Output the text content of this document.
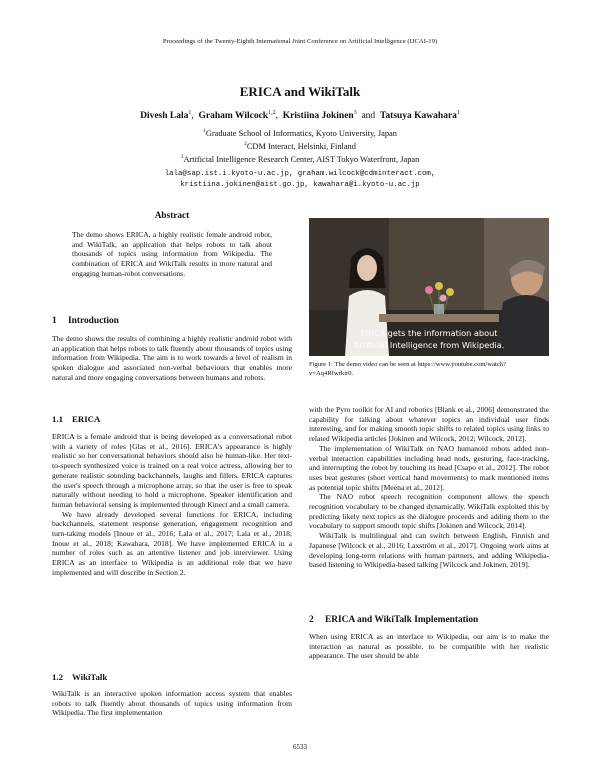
Proceedings of the Twenty-Eighth International Joint Conference on Artificial Intelligence (IJCAI-19)
ERICA and WikiTalk
Divesh Lala$^1$,  Graham Wilcock$^{1,2}$,  Kristiina Jokinen$^3$ and Tatsuya Kawahara$^1$
$^1$Graduate School of Informatics, Kyoto University, Japan
$^2$CDM Interact, Helsinki, Finland
$^3$Artificial Intelligence Research Center, AIST Tokyo Waterfront, Japan
lala@sap.ist.i.kyoto-u.ac.jp, graham.wilcock@cdminteract.com,
kristiina.jokinen@aist.go.jp, kawahara@i.kyoto-u.ac.jp
Abstract
The demo shows ERICA, a highly realistic female android robot, and WikiTalk, an application that helps robots to talk about thousands of topics using information from Wikipedia. The combination of ERICA and WikiTalk results in more natural and engaging human-robot conversations.
1 Introduction

The demo shows the results of combining a highly realistic android robot with an application that helps robots to talk fluently about thousands of topics using information from Wikipedia. The aim is to work towards a level of realism in spoken dialogue and associated non-verbal behaviours that enables more natural and more engaging conversations between humans and robots.

1.1 ERICA

ERICA is a female android that is being developed as a conversational robot with a variety of roles [Glas et al., 2016]. ERICA's appearance is highly realistic so her conversational behaviors should also be human-like. Her text-to-speech synthesized voice is trained on a real voice actress, allowing her to generate realistic sounding backchannels, laughs and fillers. ERICA captures the user's speech through a microphone array, so that the user is free to speak naturally without needing to hold a microphone. Speaker identification and human behavioral sensing is implemented through Kinect and a small camera.

We have already developed several functions for ERICA, including backchannels, statement response generation, engagement recognition and turn-taking models [Inoue et al., 2016; Lala et al., 2017; Lala et al., 2018; Inoue et al., 2018; Kawahara, 2018]. We have implemented ERICA in a number of roles such as an attentive listener and job interviewer. Using ERICA as an interface to Wikipedia is an additional role that we have implemented and will describe in Section 2.

1.2 WikiTalk

WikiTalk is an interactive spoken information access system that enables robots to talk fluently about thousands of topics using information from Wikipedia. The first implementation

ERICA gets the information about
Artificial Intelligence from Wikipedia.
Figure 1: The demo video can be seen at https://www.youtube.com/watch?v=Aq4Rfwrkir0.

with the Pyro toolkit for AI and robotics [Blank et al., 2006] demonstrated the capability for talking about whatever topics an individual user finds interesting, and for making smooth topic shifts to related topics using links to related Wikipedia articles [Jokinen and Wilcock, 2012; Wilcock, 2012].

The implementation of WikiTalk on NAO humanoid robots added non-verbal interaction capabilities including head nods, gesturing, face-tracking, and interrupting the robot by touching its head [Csapo et al., 2012]. The robot uses beat gestures (short vertical hand movements) to mark mentioned items as potential topic shifts [Meena et al., 2012].

The NAO robot speech recognition component allows the speech recognition vocabulary to be changed dynamically. WikiTalk exploited this by predicting likely next topics as the dialogue proceeds and adding them to the vocabulary to support smooth topic shifts [Jokinen and Wilcock, 2014].

WikiTalk is multilingual and can switch between English, Finnish and Japanese [Wilcock et al., 2016; Laxström et al., 2017]. Ongoing work aims at developing long-term relations with human partners, and adding Wikipedia-based listening to Wikipedia-based talking [Wilcock and Jokinen, 2019].

2 ERICA and WikiTalk Implementation

When using ERICA as an interface to Wikipedia, our aim is to make the interaction as natural as possible, to be compatible with her realistic appearance. The user should be able

6533
